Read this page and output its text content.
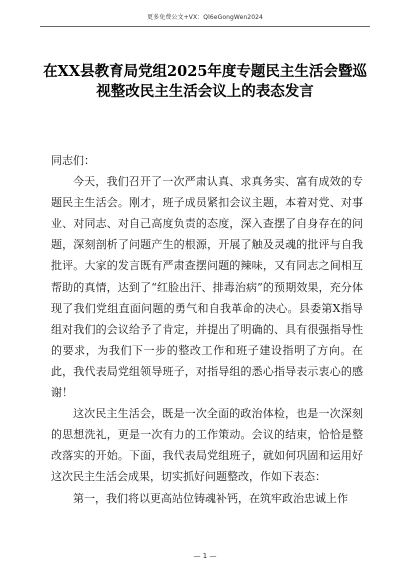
更多免费公文+VX：Ql6eGongWen2024
在XX县教育局党组2025年度专题民主生活会暨巡视整改民主生活会议上的表态发言

同志们：

今天，我们召开了一次严肃认真、求真务实、富有成效的专题民主生活会。刚才，班子成员紧扣会议主题，本着对党、对事业、对同志、对自己高度负责的态度，深入查摆了自身存在的问题，深刻剖析了问题产生的根源，开展了触及灵魂的批评与自我批评。大家的发言既有严肃查摆问题的辣味，又有同志之间相互帮助的真情，达到了“红脸出汗、排毒治病”的预期效果，充分体现了我们党组直面问题的勇气和自我革命的决心。县委第X指导组对我们的会议给予了肯定，并提出了明确的、具有很强指导性的要求，为我们下一步的整改工作和班子建设指明了方向。在此，我代表局党组领导班子，对指导组的悉心指导表示衷心的感谢！

这次民主生活会，既是一次全面的政治体检，也是一次深刻的思想洗礼，更是一次有力的工作策动。会议的结束，恰恰是整改落实的开始。下面，我代表局党组班子，就如何巩固和运用好这次民主生活会成果，切实抓好问题整改，作如下表态：

第一，我们将以更高站位铸魂补钙，在筑牢政治忠诚上作

— 1 —
